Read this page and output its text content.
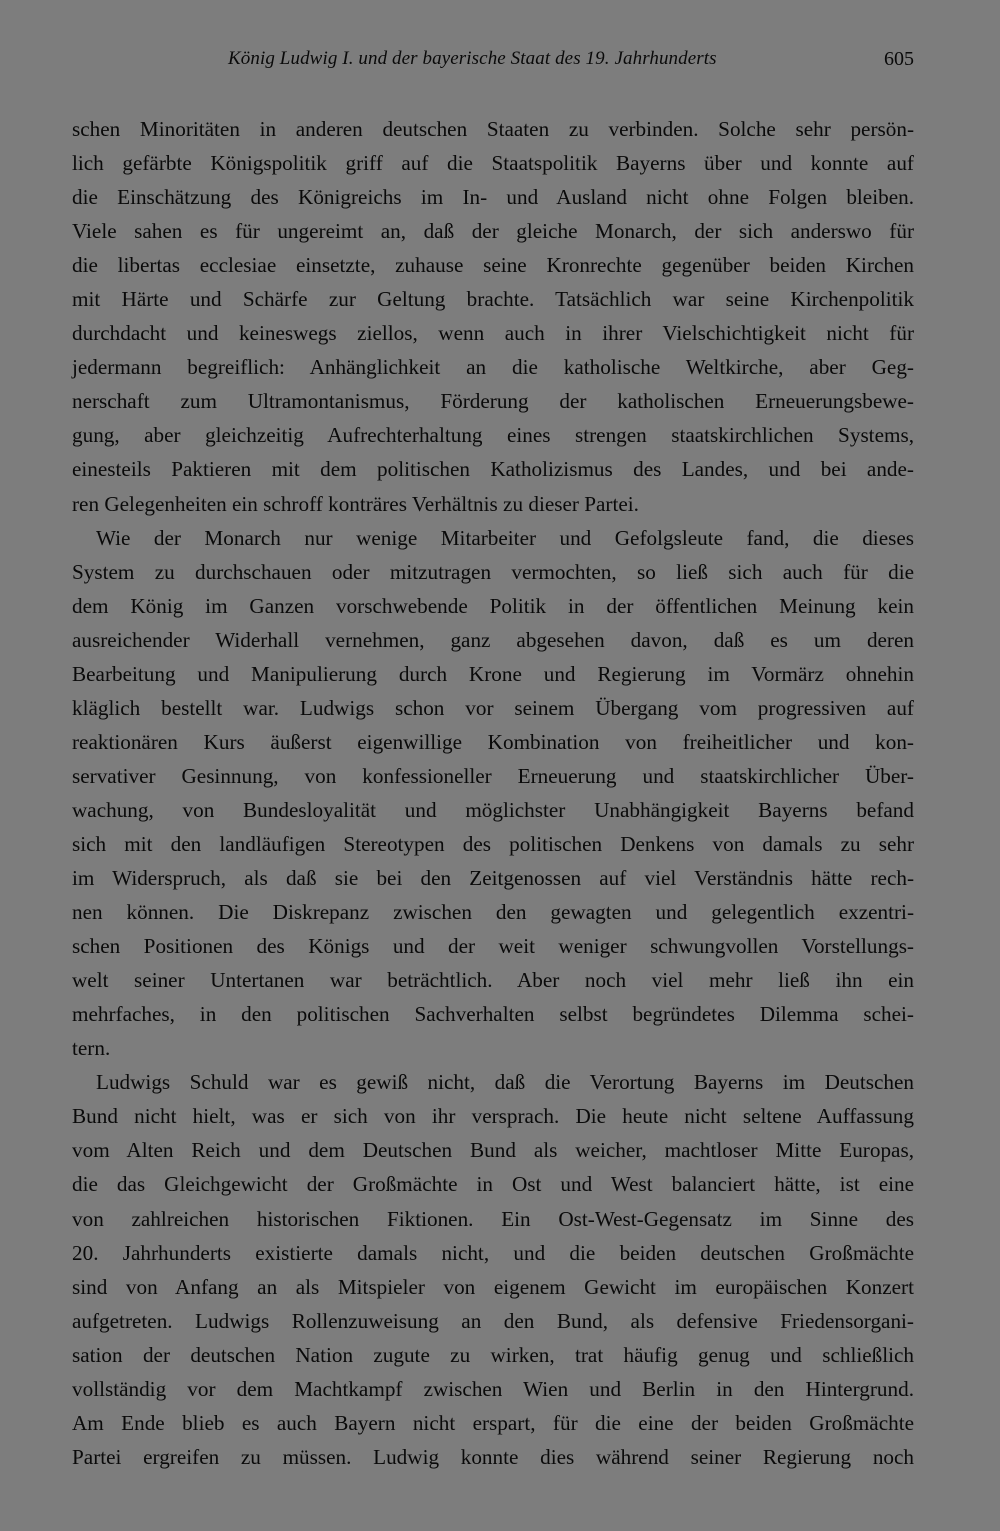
König Ludwig I. und der bayerische Staat des 19. Jahrhunderts	605
schen Minoritäten in anderen deutschen Staaten zu verbinden. Solche sehr persön-
lich gefärbte Königspolitik griff auf die Staatspolitik Bayerns über und konnte auf
die Einschätzung des Königreichs im In- und Ausland nicht ohne Folgen bleiben.
Viele sahen es für ungereimt an, daß der gleiche Monarch, der sich anderswo für
die libertas ecclesiae einsetzte, zuhause seine Kronrechte gegenüber beiden Kirchen
mit Härte und Schärfe zur Geltung brachte. Tatsächlich war seine Kirchenpolitik
durchdacht und keineswegs ziellos, wenn auch in ihrer Vielschichtigkeit nicht für
jedermann begreiflich: Anhänglichkeit an die katholische Weltkirche, aber Geg-
nerschaft zum Ultramontanismus, Förderung der katholischen Erneuerungsbewe-
gung, aber gleichzeitig Aufrechterhaltung eines strengen staatskirchlichen Systems,
einesteils Paktieren mit dem politischen Katholizismus des Landes, und bei ande-
ren Gelegenheiten ein schroff konträres Verhältnis zu dieser Partei.
Wie der Monarch nur wenige Mitarbeiter und Gefolgsleute fand, die dieses
System zu durchschauen oder mitzutragen vermochten, so ließ sich auch für die
dem König im Ganzen vorschwebende Politik in der öffentlichen Meinung kein
ausreichender Widerhall vernehmen, ganz abgesehen davon, daß es um deren
Bearbeitung und Manipulierung durch Krone und Regierung im Vormärz ohnehin
kläglich bestellt war. Ludwigs schon vor seinem Übergang vom progressiven auf
reaktionären Kurs äußerst eigenwillige Kombination von freiheitlicher und kon-
servativer Gesinnung, von konfessioneller Erneuerung und staatskirchlicher Über-
wachung, von Bundesloyalität und möglichster Unabhängigkeit Bayerns befand
sich mit den landläufigen Stereotypen des politischen Denkens von damals zu sehr
im Widerspruch, als daß sie bei den Zeitgenossen auf viel Verständnis hätte rech-
nen können. Die Diskrepanz zwischen den gewagten und gelegentlich exzentri-
schen Positionen des Königs und der weit weniger schwungvollen Vorstellungs-
welt seiner Untertanen war beträchtlich. Aber noch viel mehr ließ ihn ein
mehrfaches, in den politischen Sachverhalten selbst begründetes Dilemma schei-
tern.
Ludwigs Schuld war es gewiß nicht, daß die Verortung Bayerns im Deutschen
Bund nicht hielt, was er sich von ihr versprach. Die heute nicht seltene Auffassung
vom Alten Reich und dem Deutschen Bund als weicher, machtloser Mitte Europas,
die das Gleichgewicht der Großmächte in Ost und West balanciert hätte, ist eine
von zahlreichen historischen Fiktionen. Ein Ost-West-Gegensatz im Sinne des
20. Jahrhunderts existierte damals nicht, und die beiden deutschen Großmächte
sind von Anfang an als Mitspieler von eigenem Gewicht im europäischen Konzert
aufgetreten. Ludwigs Rollenzuweisung an den Bund, als defensive Friedensorgani-
sation der deutschen Nation zugute zu wirken, trat häufig genug und schließlich
vollständig vor dem Machtkampf zwischen Wien und Berlin in den Hintergrund.
Am Ende blieb es auch Bayern nicht erspart, für die eine der beiden Großmächte
Partei ergreifen zu müssen. Ludwig konnte dies während seiner Regierung noch
